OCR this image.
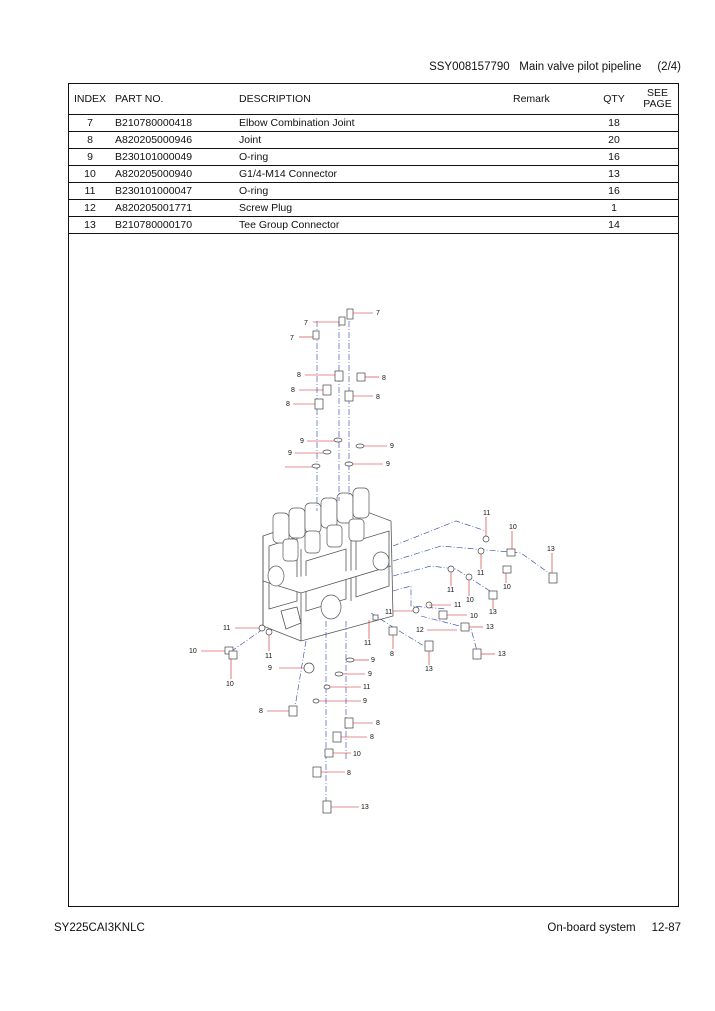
SSY008157790 Main valve pilot pipeline (2/4)
INDEX	PART NO.	DESCRIPTION	Remark	QTY	SEE
PAGE
7	B210780000418	Elbow Combination Joint		18	
8	A820205000946	Joint		20	
9	B230101000049	O-ring		16	
10	A820205000940	G1/4-M14 Connector		13	
11	B230101000047	O-ring		16	
12	A820205001771	Screw Plug		1	
13	B210780000170	Tee Group Connector		14	
7
7
7
8	8
8
8
8
9
9
9
9
11
10
13
11
10
11
10
11
13
11
10
13
12
11
10
11
8
13
13
11
9
10
9
9
11
9
8
8
8
10
8
13
SY225CAI3KNLC	On-board system 12-87
